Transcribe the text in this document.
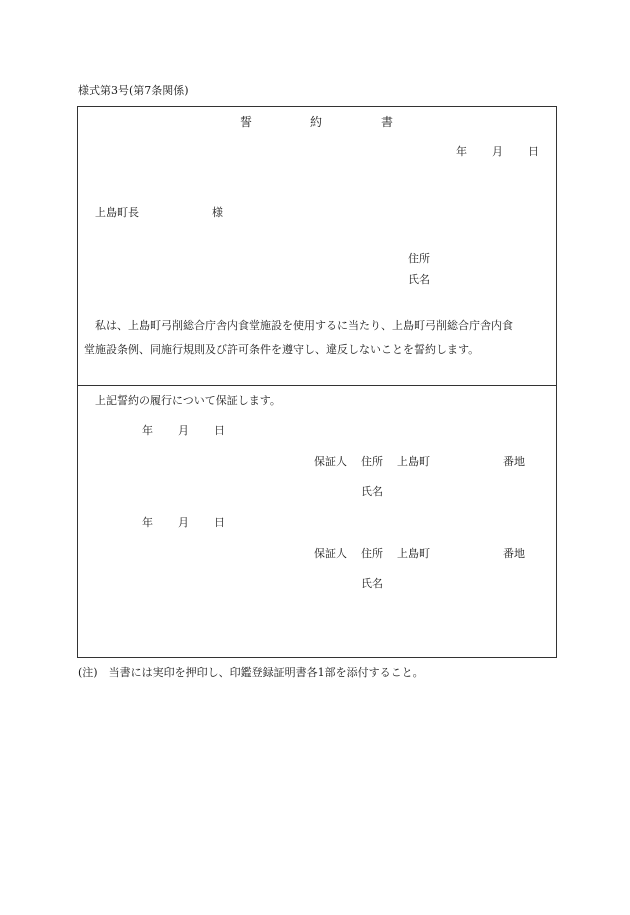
様式第3号(第7条関係)
誓	約	書
年 月 日
上島町長	様
住所
氏名
私は、上島町弓削総合庁舎内食堂施設を使用するに当たり、上島町弓削総合庁舎内食
堂施設条例、同施行規則及び許可条件を遵守し、違反しないことを誓約します。
上記誓約の履行について保証します。
年 月 日
保証人 住所 上島町	番地
氏名
年 月 日
保証人 住所 上島町	番地
氏名
(注)　当書には実印を押印し、印鑑登録証明書各1部を添付すること。
